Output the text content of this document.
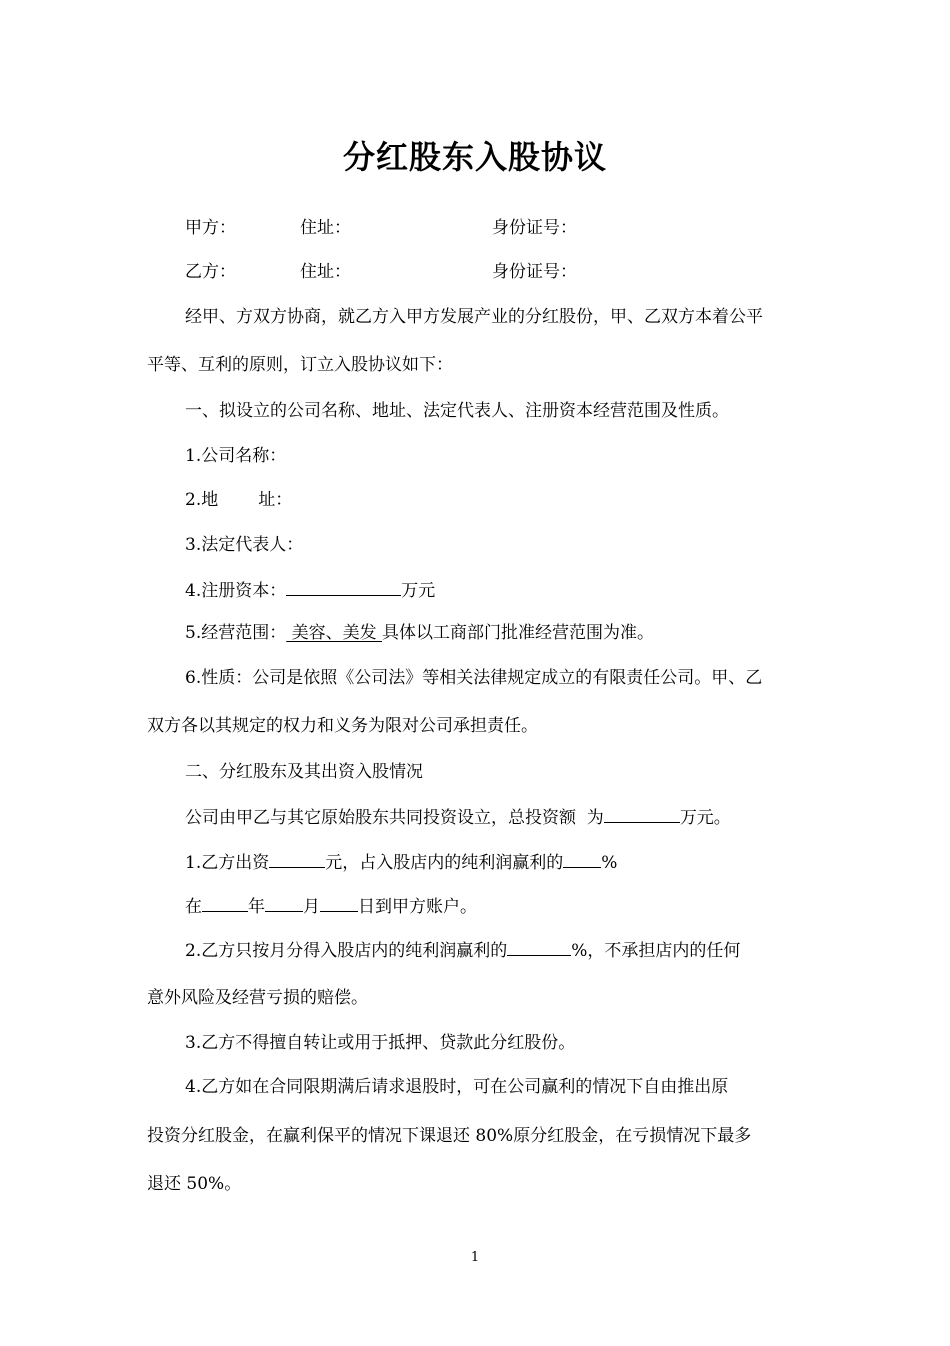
分红股东入股协议
甲方：	住址：	身份证号：
乙方：	住址：	身份证号：
经甲、方双方协商，就乙方入甲方发展产业的分红股份，甲、乙双方本着公平
平等、互利的原则，订立入股协议如下：
一、拟设立的公司名称、地址、法定代表人、注册资本经营范围及性质。
1.公司名称：
2.地 址：
3.法定代表人：
4.注册资本：	万元
5.经营范围： 美容、美发 具体以工商部门批准经营范围为准。
6.性质：公司是依照《公司法》等相关法律规定成立的有限责任公司。甲、乙
双方各以其规定的权力和义务为限对公司承担责任。
二、分红股东及其出资入股情况
公司由甲乙与其它原始股东共同投资设立，总投资额  为	万元。
1.乙方出资	元，占入股店内的纯利润赢利的 %
在	年 月 日到甲方账户。
2.乙方只按月分得入股店内的纯利润赢利的	%，不承担店内的任何
意外风险及经营亏损的赔偿。
3.乙方不得擅自转让或用于抵押、贷款此分红股份。
4.乙方如在合同限期满后请求退股时，可在公司赢利的情况下自由推出原
投资分红股金，在赢利保平的情况下课退还 80%原分红股金，在亏损情况下最多
退还 50%。
1
